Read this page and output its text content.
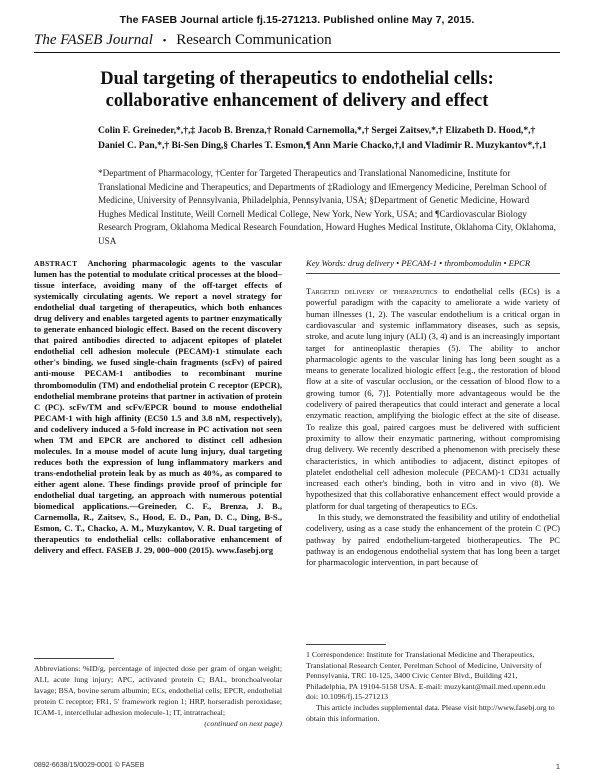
The FASEB Journal article fj.15-271213. Published online May 7, 2015.
The FASEB Journal • Research Communication
Dual targeting of therapeutics to endothelial cells:
collaborative enhancement of delivery and effect
Colin F. Greineder,*,†,‡ Jacob B. Brenza,† Ronald Carnemolla,*,† Sergei Zaitsev,*,† Elizabeth D. Hood,*,† Daniel C. Pan,*,† Bi-Sen Ding,§ Charles T. Esmon,¶ Ann Marie Chacko,†,‖ and Vladimir R. Muzykantov*,†,1
*Department of Pharmacology, †Center for Targeted Therapeutics and Translational Nanomedicine, Institute for Translational Medicine and Therapeutics, and Departments of ‡Radiology and ‖Emergency Medicine, Perelman School of Medicine, University of Pennsylvania, Philadelphia, Pennsylvania, USA; §Department of Genetic Medicine, Howard Hughes Medical Institute, Weill Cornell Medical College, New York, New York, USA; and ¶Cardiovascular Biology Research Program, Oklahoma Medical Research Foundation, Howard Hughes Medical Institute, Oklahoma City, Oklahoma, USA
ABSTRACT Anchoring pharmacologic agents to the vascular lumen has the potential to modulate critical processes at the blood–tissue interface, avoiding many of the off-target effects of systemically circulating agents. We report a novel strategy for endothelial dual targeting of therapeutics, which both enhances drug delivery and enables targeted agents to partner enzymatically to generate enhanced biologic effect. Based on the recent discovery that paired antibodies directed to adjacent epitopes of platelet endothelial cell adhesion molecule (PECAM)-1 stimulate each other's binding, we fused single-chain fragments (scFv) of paired anti-mouse PECAM-1 antibodies to recombinant murine thrombomodulin (TM) and endothelial protein C receptor (EPCR), endothelial membrane proteins that partner in activation of protein C (PC). scFv/TM and scFv/EPCR bound to mouse endothelial PECAM-1 with high affinity (EC50 1.5 and 3.8 nM, respectively), and codelivery induced a 5-fold increase in PC activation not seen when TM and EPCR are anchored to distinct cell adhesion molecules. In a mouse model of acute lung injury, dual targeting reduces both the expression of lung inflammatory markers and trans-endothelial protein leak by as much as 40%, as compared to either agent alone. These findings provide proof of principle for endothelial dual targeting, an approach with numerous potential biomedical applications.—Greineder, C. F., Brenza, J. B., Carnemolla, R., Zaitsev, S., Hood, E. D., Pan, D. C., Ding, B-S., Esmon, C. T., Chacko, A. M., Muzykantov, V. R. Dual targeting of therapeutics to endothelial cells: collaborative enhancement of delivery and effect. FASEB J. 29, 000–000 (2015). www.fasebj.org
Key Words: drug delivery • PECAM-1 • thrombomodulin • EPCR

Targeted delivery of therapeutics to endothelial cells (ECs) is a powerful paradigm with the capacity to ameliorate a wide variety of human illnesses (1, 2). The vascular endothelium is a critical organ in cardiovascular and systemic inflammatory diseases, such as sepsis, stroke, and acute lung injury (ALI) (3, 4) and is an increasingly important target for antineoplastic therapies (5). The ability to anchor pharmacologic agents to the vascular lining has long been sought as a means to generate localized biologic effect [e.g., the restoration of blood flow at a site of vascular occlusion, or the cessation of blood flow to a growing tumor (6, 7)]. Potentially more advantageous would be the codelivery of paired therapeutics that could interact and generate a local enzymatic reaction, amplifying the biologic effect at the site of disease. To realize this goal, paired cargoes must be delivered with sufficient proximity to allow their enzymatic partnering, without compromising drug delivery. We recently described a phenomenon with precisely these characteristics, in which antibodies to adjacent, distinct epitopes of platelet endothelial cell adhesion molecule (PECAM)-1 CD31 actually increased each other's binding, both in vitro and in vivo (8). We hypothesized that this collaborative enhancement effect would provide a platform for dual targeting of therapeutics to ECs.

In this study, we demonstrated the feasibility and utility of endothelial codelivery, using as a case study the enhancement of the protein C (PC) pathway by paired endothelium-targeted biotherapeutics. The PC pathway is an endogenous endothelial system that has long been a target for pharmacologic intervention, in part because of

Abbreviations: %ID/g, percentage of injected dose per gram of organ weight; ALI, acute lung injury; APC, activated protein C; BAL, bronchoalveolar lavage; BSA, bovine serum albumin; ECs, endothelial cells; EPCR, endothelial protein C receptor; FR1, 5′ framework region 1; HRP, horseradish peroxidase; ICAM-1, intercellular adhesion molecule-1; IT, intratracheal;
(continued on next page)
1 Correspondence: Institute for Translational Medicine and Therapeutics, Translational Research Center, Perelman School of Medicine, University of Pennsylvania, TRC 10-125, 3400 Civic Center Blvd., Building 421, Philadelphia, PA 19104-5158 USA. E-mail: muzykant@mail.med.upenn.edu
doi: 10.1096/fj.15-271213
This article includes supplemental data. Please visit http://www.fasebj.org to obtain this information.
0892-6638/15/0029-0001 © FASEB	1
